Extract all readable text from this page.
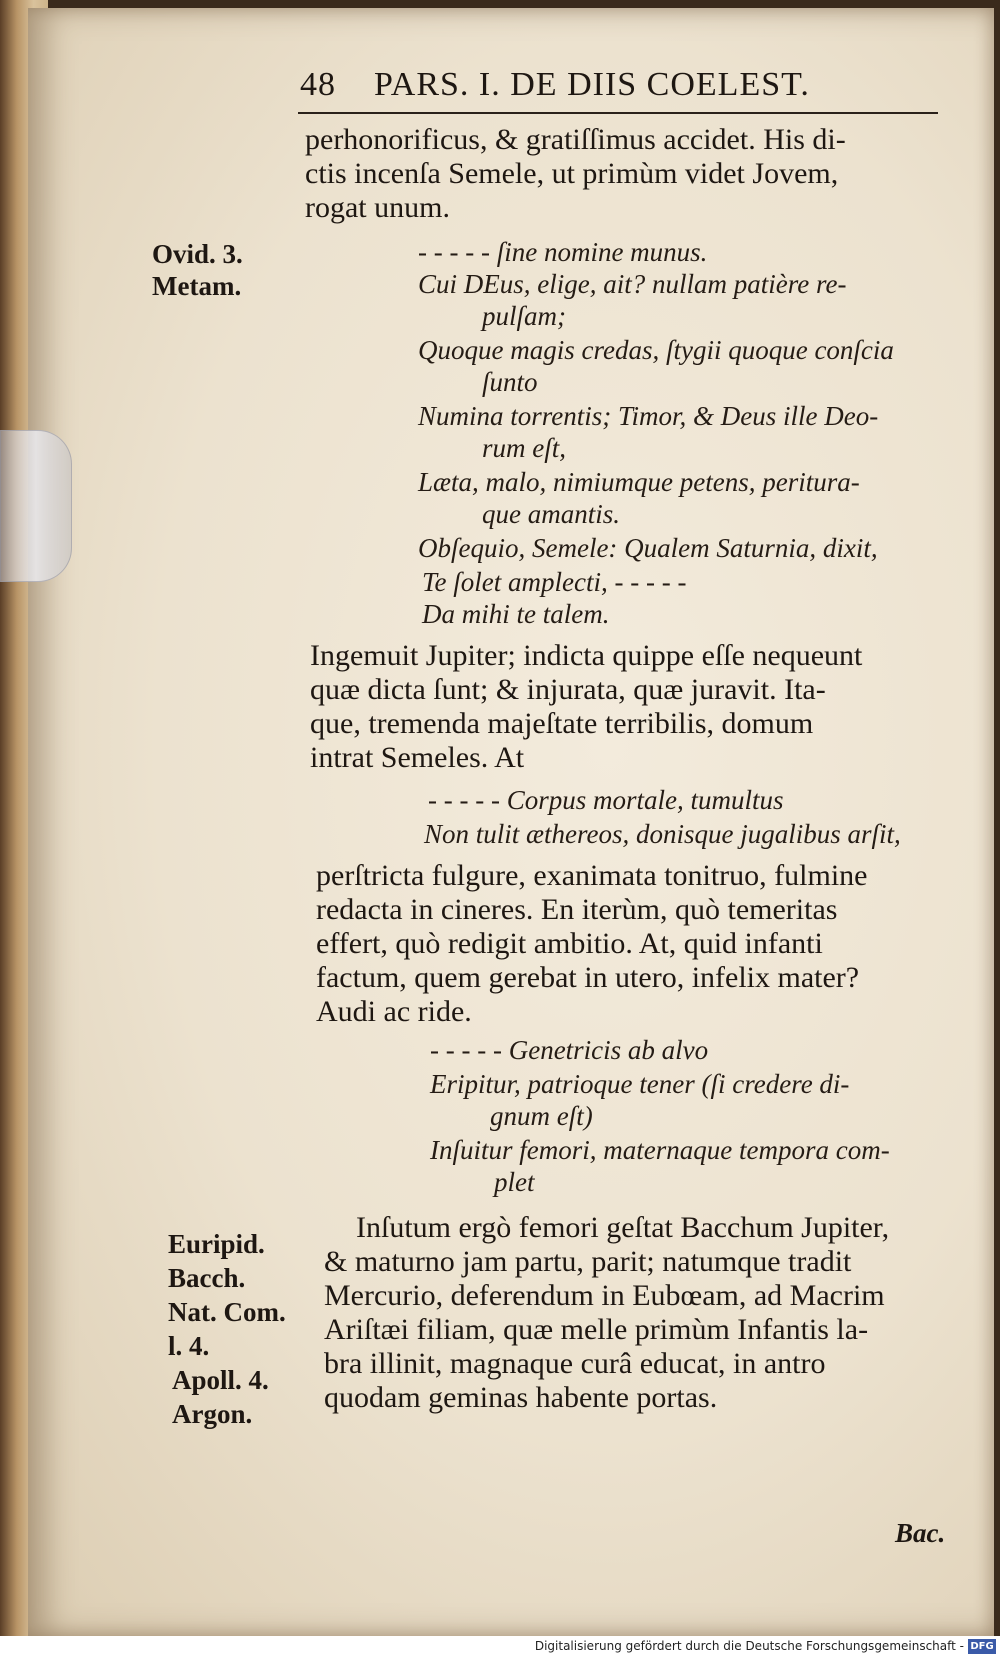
48 PARS. I. DE DIIS COELEST.
perhonorificus, & gratiſſimus accidet. His di-
ctis incenſa Semele, ut primùm videt Jovem,
rogat unum.
Ovid. 3.
Metam.
- - - - - ſine nomine munus.
Cui DEus, elige, ait? nullam patière re-
pulſam;
Quoque magis credas, ſtygii quoque conſcia
ſunto
Numina torrentis; Timor, & Deus ille Deo-
rum eſt,
Læta, malo, nimiumque petens, peritura-
que amantis.
Obſequio, Semele: Qualem Saturnia, dixit,
Te ſolet amplecti, - - - - -
Da mihi te talem.
Ingemuit Jupiter; indicta quippe eſſe nequeunt
quæ dicta ſunt; & injurata, quæ juravit. Ita-
que, tremenda majeſtate terribilis, domum
intrat Semeles. At
- - - - - Corpus mortale, tumultus
Non tulit æthereos, donisque jugalibus arſit,
perſtricta fulgure, exanimata tonitruo, fulmine
redacta in cineres. En iterùm, quò temeritas
effert, quò redigit ambitio. At, quid infanti
factum, quem gerebat in utero, infelix mater?
Audi ac ride.
- - - - - Genetricis ab alvo
Eripitur, patrioque tener (ſi credere di-
gnum eſt)
Inſuitur femori, maternaque tempora com-
plet
Euripid.
Bacch.
Nat. Com.
l. 4.
Apoll. 4.
Argon.
Inſutum ergò femori geſtat Bacchum Jupiter,
& maturno jam partu, parit; natumque tradit
Mercurio, deferendum in Eubœam, ad Macrim
Ariſtæi filiam, quæ melle primùm Infantis la-
bra illinit, magnaque curâ educat, in antro
quodam geminas habente portas.
Bac.
Digitalisierung gefördert durch die Deutsche Forschungsgemeinschaft - DFG
